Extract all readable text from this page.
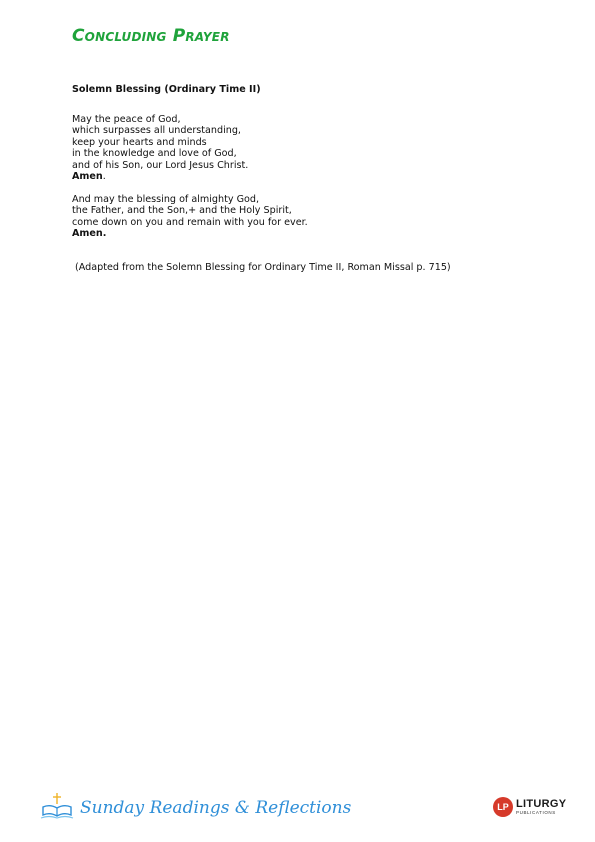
Concluding Prayer
Solemn Blessing (Ordinary Time II)
May the peace of God,
which surpasses all understanding,
keep your hearts and minds
in the knowledge and love of God,
and of his Son, our Lord Jesus Christ.
Amen.
And may the blessing of almighty God,
the Father, and the Son,+ and the Holy Spirit,
come down on you and remain with you for ever.
Amen.
(Adapted from the Solemn Blessing for Ordinary Time II, Roman Missal p. 715)
Sunday Readings & Reflections	LP LITURGY
PUBLICATIONS
